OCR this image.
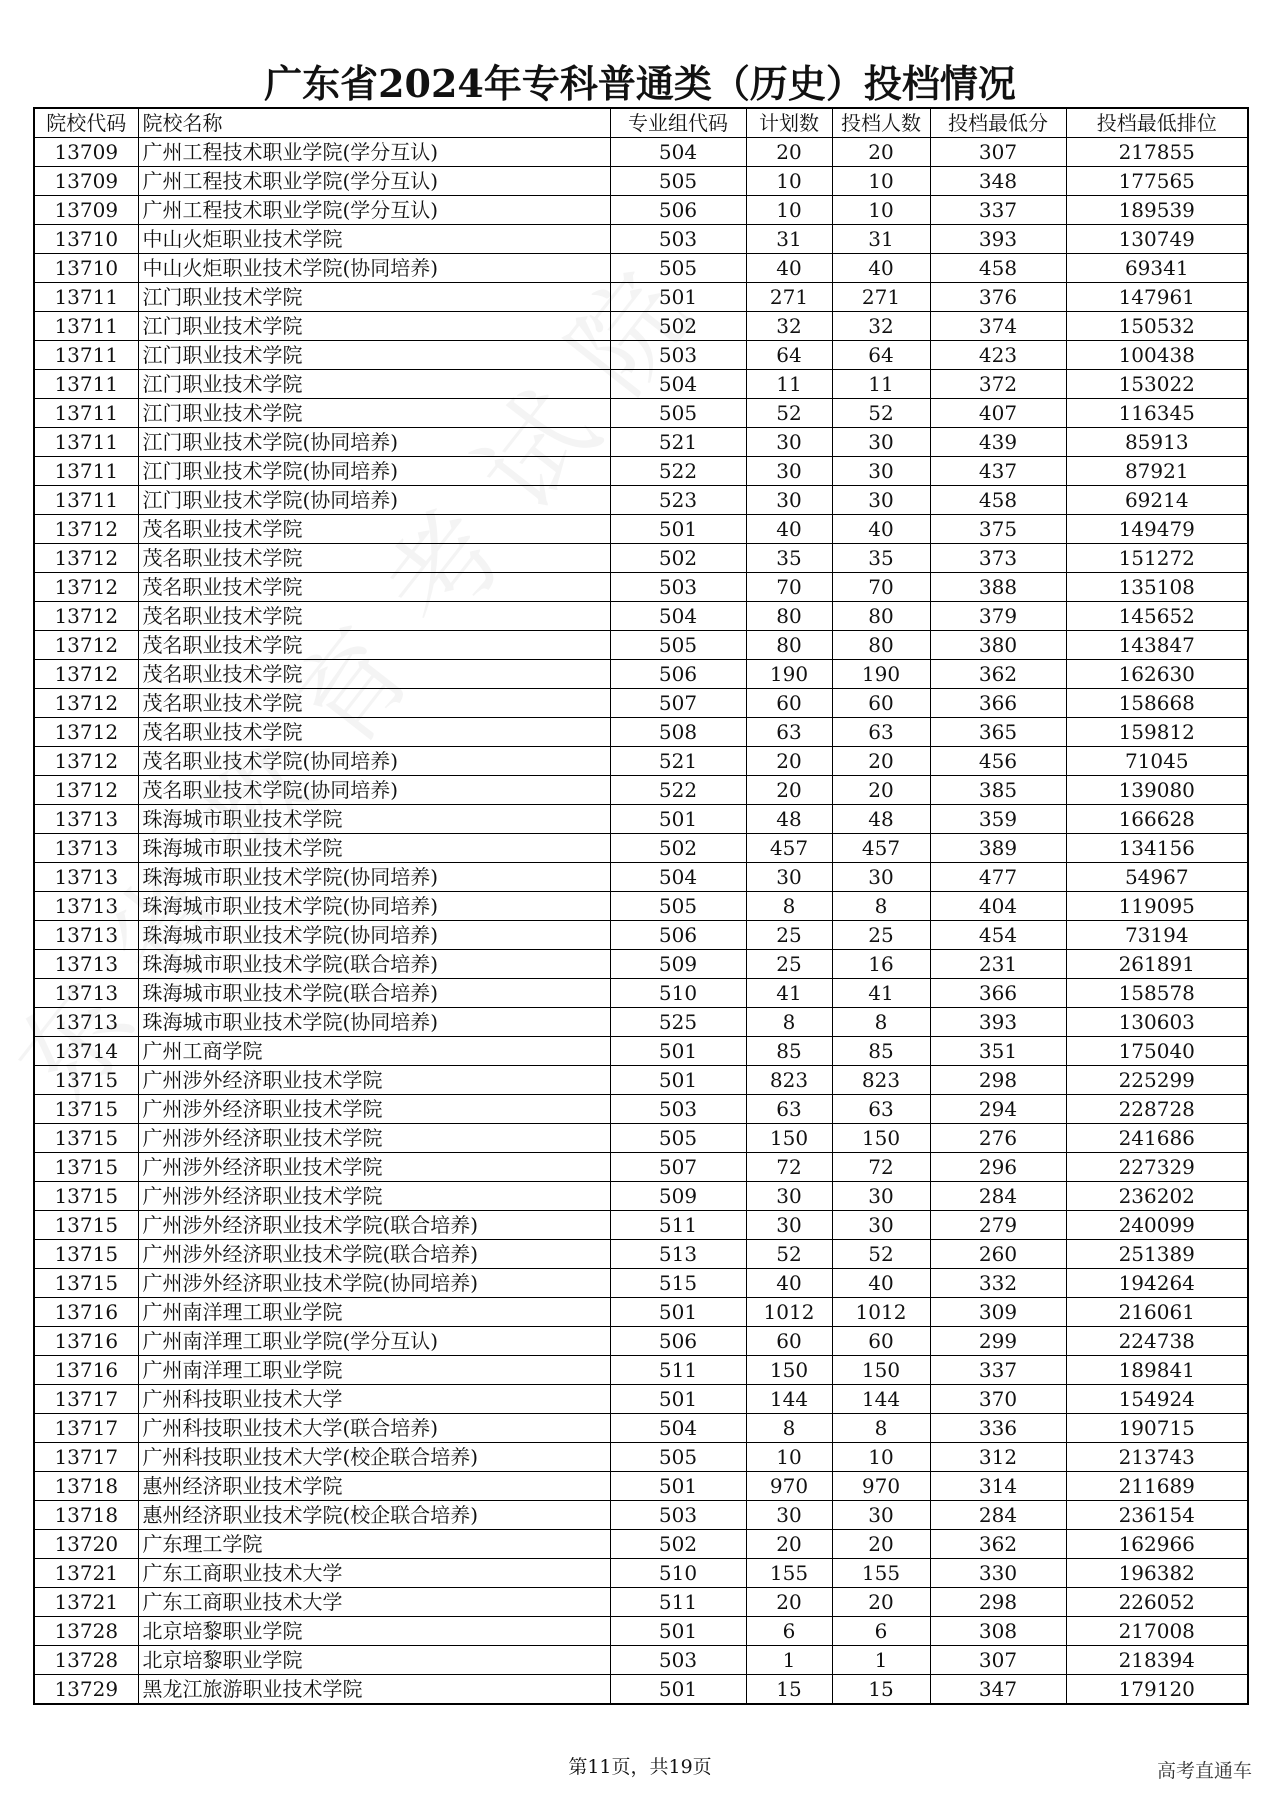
广东省2024年专科普通类（历史）投档情况
院校代码	院校名称	专业组代码	计划数	投档人数	投档最低分	投档最低排位
13709	广州工程技术职业学院(学分互认)	504	20	20	307	217855
13709	广州工程技术职业学院(学分互认)	505	10	10	348	177565
13709	广州工程技术职业学院(学分互认)	506	10	10	337	189539
13710	中山火炬职业技术学院	503	31	31	393	130749
13710	中山火炬职业技术学院(协同培养)	505	40	40	458	69341
13711	江门职业技术学院	501	271	271	376	147961
13711	江门职业技术学院	502	32	32	374	150532
13711	江门职业技术学院	503	64	64	423	100438
13711	江门职业技术学院	504	11	11	372	153022
13711	江门职业技术学院	505	52	52	407	116345
13711	江门职业技术学院(协同培养)	521	30	30	439	85913
13711	江门职业技术学院(协同培养)	522	30	30	437	87921
13711	江门职业技术学院(协同培养)	523	30	30	458	69214
13712	茂名职业技术学院	501	40	40	375	149479
13712	茂名职业技术学院	502	35	35	373	151272
13712	茂名职业技术学院	503	70	70	388	135108
13712	茂名职业技术学院	504	80	80	379	145652
13712	茂名职业技术学院	505	80	80	380	143847
13712	茂名职业技术学院	506	190	190	362	162630
13712	茂名职业技术学院	507	60	60	366	158668
13712	茂名职业技术学院	508	63	63	365	159812
13712	茂名职业技术学院(协同培养)	521	20	20	456	71045
13712	茂名职业技术学院(协同培养)	522	20	20	385	139080
13713	珠海城市职业技术学院	501	48	48	359	166628
13713	珠海城市职业技术学院	502	457	457	389	134156
13713	珠海城市职业技术学院(协同培养)	504	30	30	477	54967
13713	珠海城市职业技术学院(协同培养)	505	8	8	404	119095
13713	珠海城市职业技术学院(协同培养)	506	25	25	454	73194
13713	珠海城市职业技术学院(联合培养)	509	25	16	231	261891
13713	珠海城市职业技术学院(联合培养)	510	41	41	366	158578
13713	珠海城市职业技术学院(协同培养)	525	8	8	393	130603
13714	广州工商学院	501	85	85	351	175040
13715	广州涉外经济职业技术学院	501	823	823	298	225299
13715	广州涉外经济职业技术学院	503	63	63	294	228728
13715	广州涉外经济职业技术学院	505	150	150	276	241686
13715	广州涉外经济职业技术学院	507	72	72	296	227329
13715	广州涉外经济职业技术学院	509	30	30	284	236202
13715	广州涉外经济职业技术学院(联合培养)	511	30	30	279	240099
13715	广州涉外经济职业技术学院(联合培养)	513	52	52	260	251389
13715	广州涉外经济职业技术学院(协同培养)	515	40	40	332	194264
13716	广州南洋理工职业学院	501	1012	1012	309	216061
13716	广州南洋理工职业学院(学分互认)	506	60	60	299	224738
13716	广州南洋理工职业学院	511	150	150	337	189841
13717	广州科技职业技术大学	501	144	144	370	154924
13717	广州科技职业技术大学(联合培养)	504	8	8	336	190715
13717	广州科技职业技术大学(校企联合培养)	505	10	10	312	213743
13718	惠州经济职业技术学院	501	970	970	314	211689
13718	惠州经济职业技术学院(校企联合培养)	503	30	30	284	236154
13720	广东理工学院	502	20	20	362	162966
13721	广东工商职业技术大学	510	155	155	330	196382
13721	广东工商职业技术大学	511	20	20	298	226052
13728	北京培黎职业学院	501	6	6	308	217008
13728	北京培黎职业学院	503	1	1	307	218394
13729	黑龙江旅游职业技术学院	501	15	15	347	179120
第11页，共19页	高考直通车
